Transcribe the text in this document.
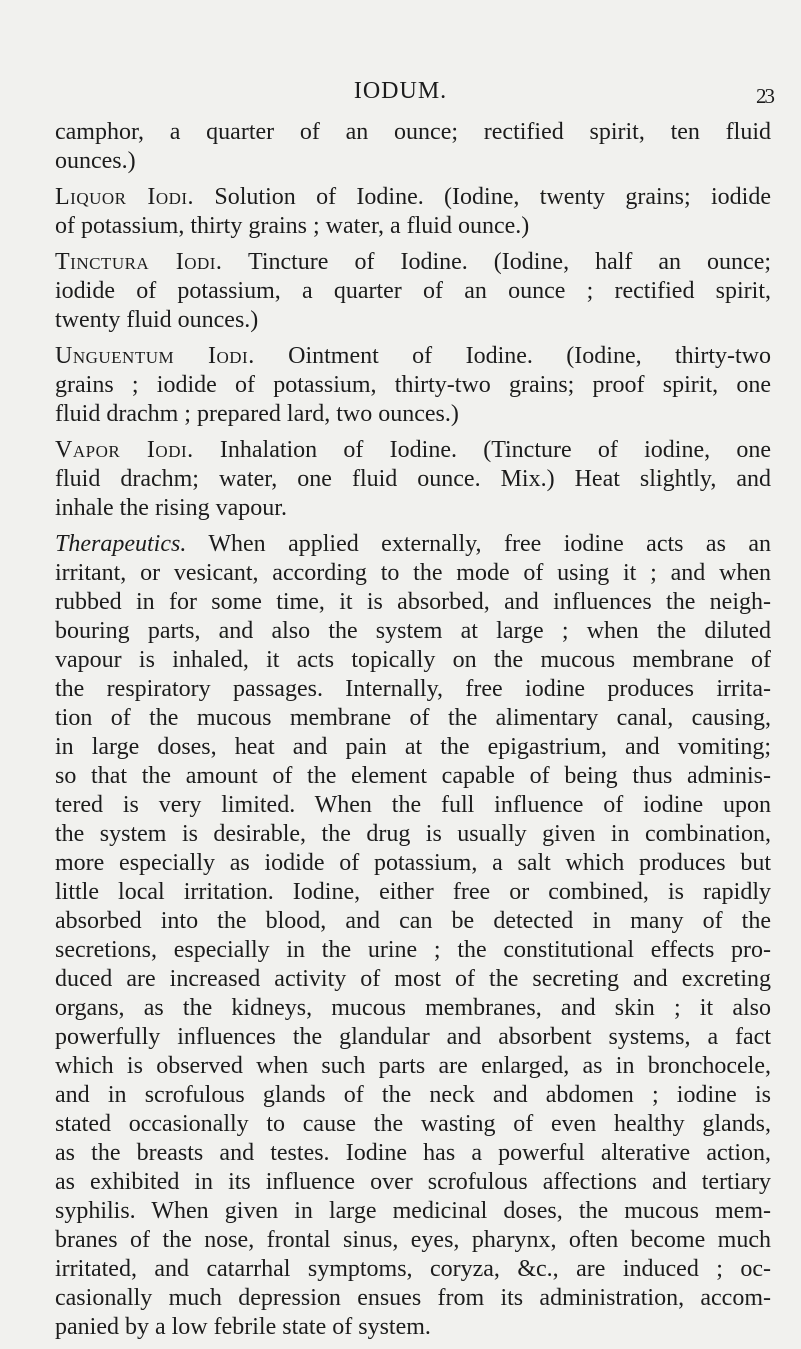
IODUM.	23

camphor, a quarter of an ounce; rectified spirit, ten fluid
ounces.)

Liquor Iodi. Solution of Iodine. (Iodine, twenty grains; iodide
of potassium, thirty grains ; water, a fluid ounce.)

Tinctura Iodi. Tincture of Iodine. (Iodine, half an ounce;
iodide of potassium, a quarter of an ounce ; rectified spirit,
twenty fluid ounces.)

Unguentum Iodi. Ointment of Iodine. (Iodine, thirty-two
grains ; iodide of potassium, thirty-two grains; proof spirit, one
fluid drachm ; prepared lard, two ounces.)

Vapor Iodi. Inhalation of Iodine. (Tincture of iodine, one
fluid drachm; water, one fluid ounce. Mix.) Heat slightly, and
inhale the rising vapour.

Therapeutics. When applied externally, free iodine acts as an
irritant, or vesicant, according to the mode of using it ; and when
rubbed in for some time, it is absorbed, and influences the neigh-
bouring parts, and also the system at large ; when the diluted
vapour is inhaled, it acts topically on the mucous membrane of
the respiratory passages. Internally, free iodine produces irrita-
tion of the mucous membrane of the alimentary canal, causing,
in large doses, heat and pain at the epigastrium, and vomiting;
so that the amount of the element capable of being thus adminis-
tered is very limited. When the full influence of iodine upon
the system is desirable, the drug is usually given in combination,
more especially as iodide of potassium, a salt which produces but
little local irritation. Iodine, either free or combined, is rapidly
absorbed into the blood, and can be detected in many of the
secretions, especially in the urine ; the constitutional effects pro-
duced are increased activity of most of the secreting and excreting
organs, as the kidneys, mucous membranes, and skin ; it also
powerfully influences the glandular and absorbent systems, a fact
which is observed when such parts are enlarged, as in bronchocele,
and in scrofulous glands of the neck and abdomen ; iodine is
stated occasionally to cause the wasting of even healthy glands,
as the breasts and testes. Iodine has a powerful alterative action,
as exhibited in its influence over scrofulous affections and tertiary
syphilis. When given in large medicinal doses, the mucous mem-
branes of the nose, frontal sinus, eyes, pharynx, often become much
irritated, and catarrhal symptoms, coryza, &c., are induced ; oc-
casionally much depression ensues from its administration, accom-
panied by a low febrile state of system.
